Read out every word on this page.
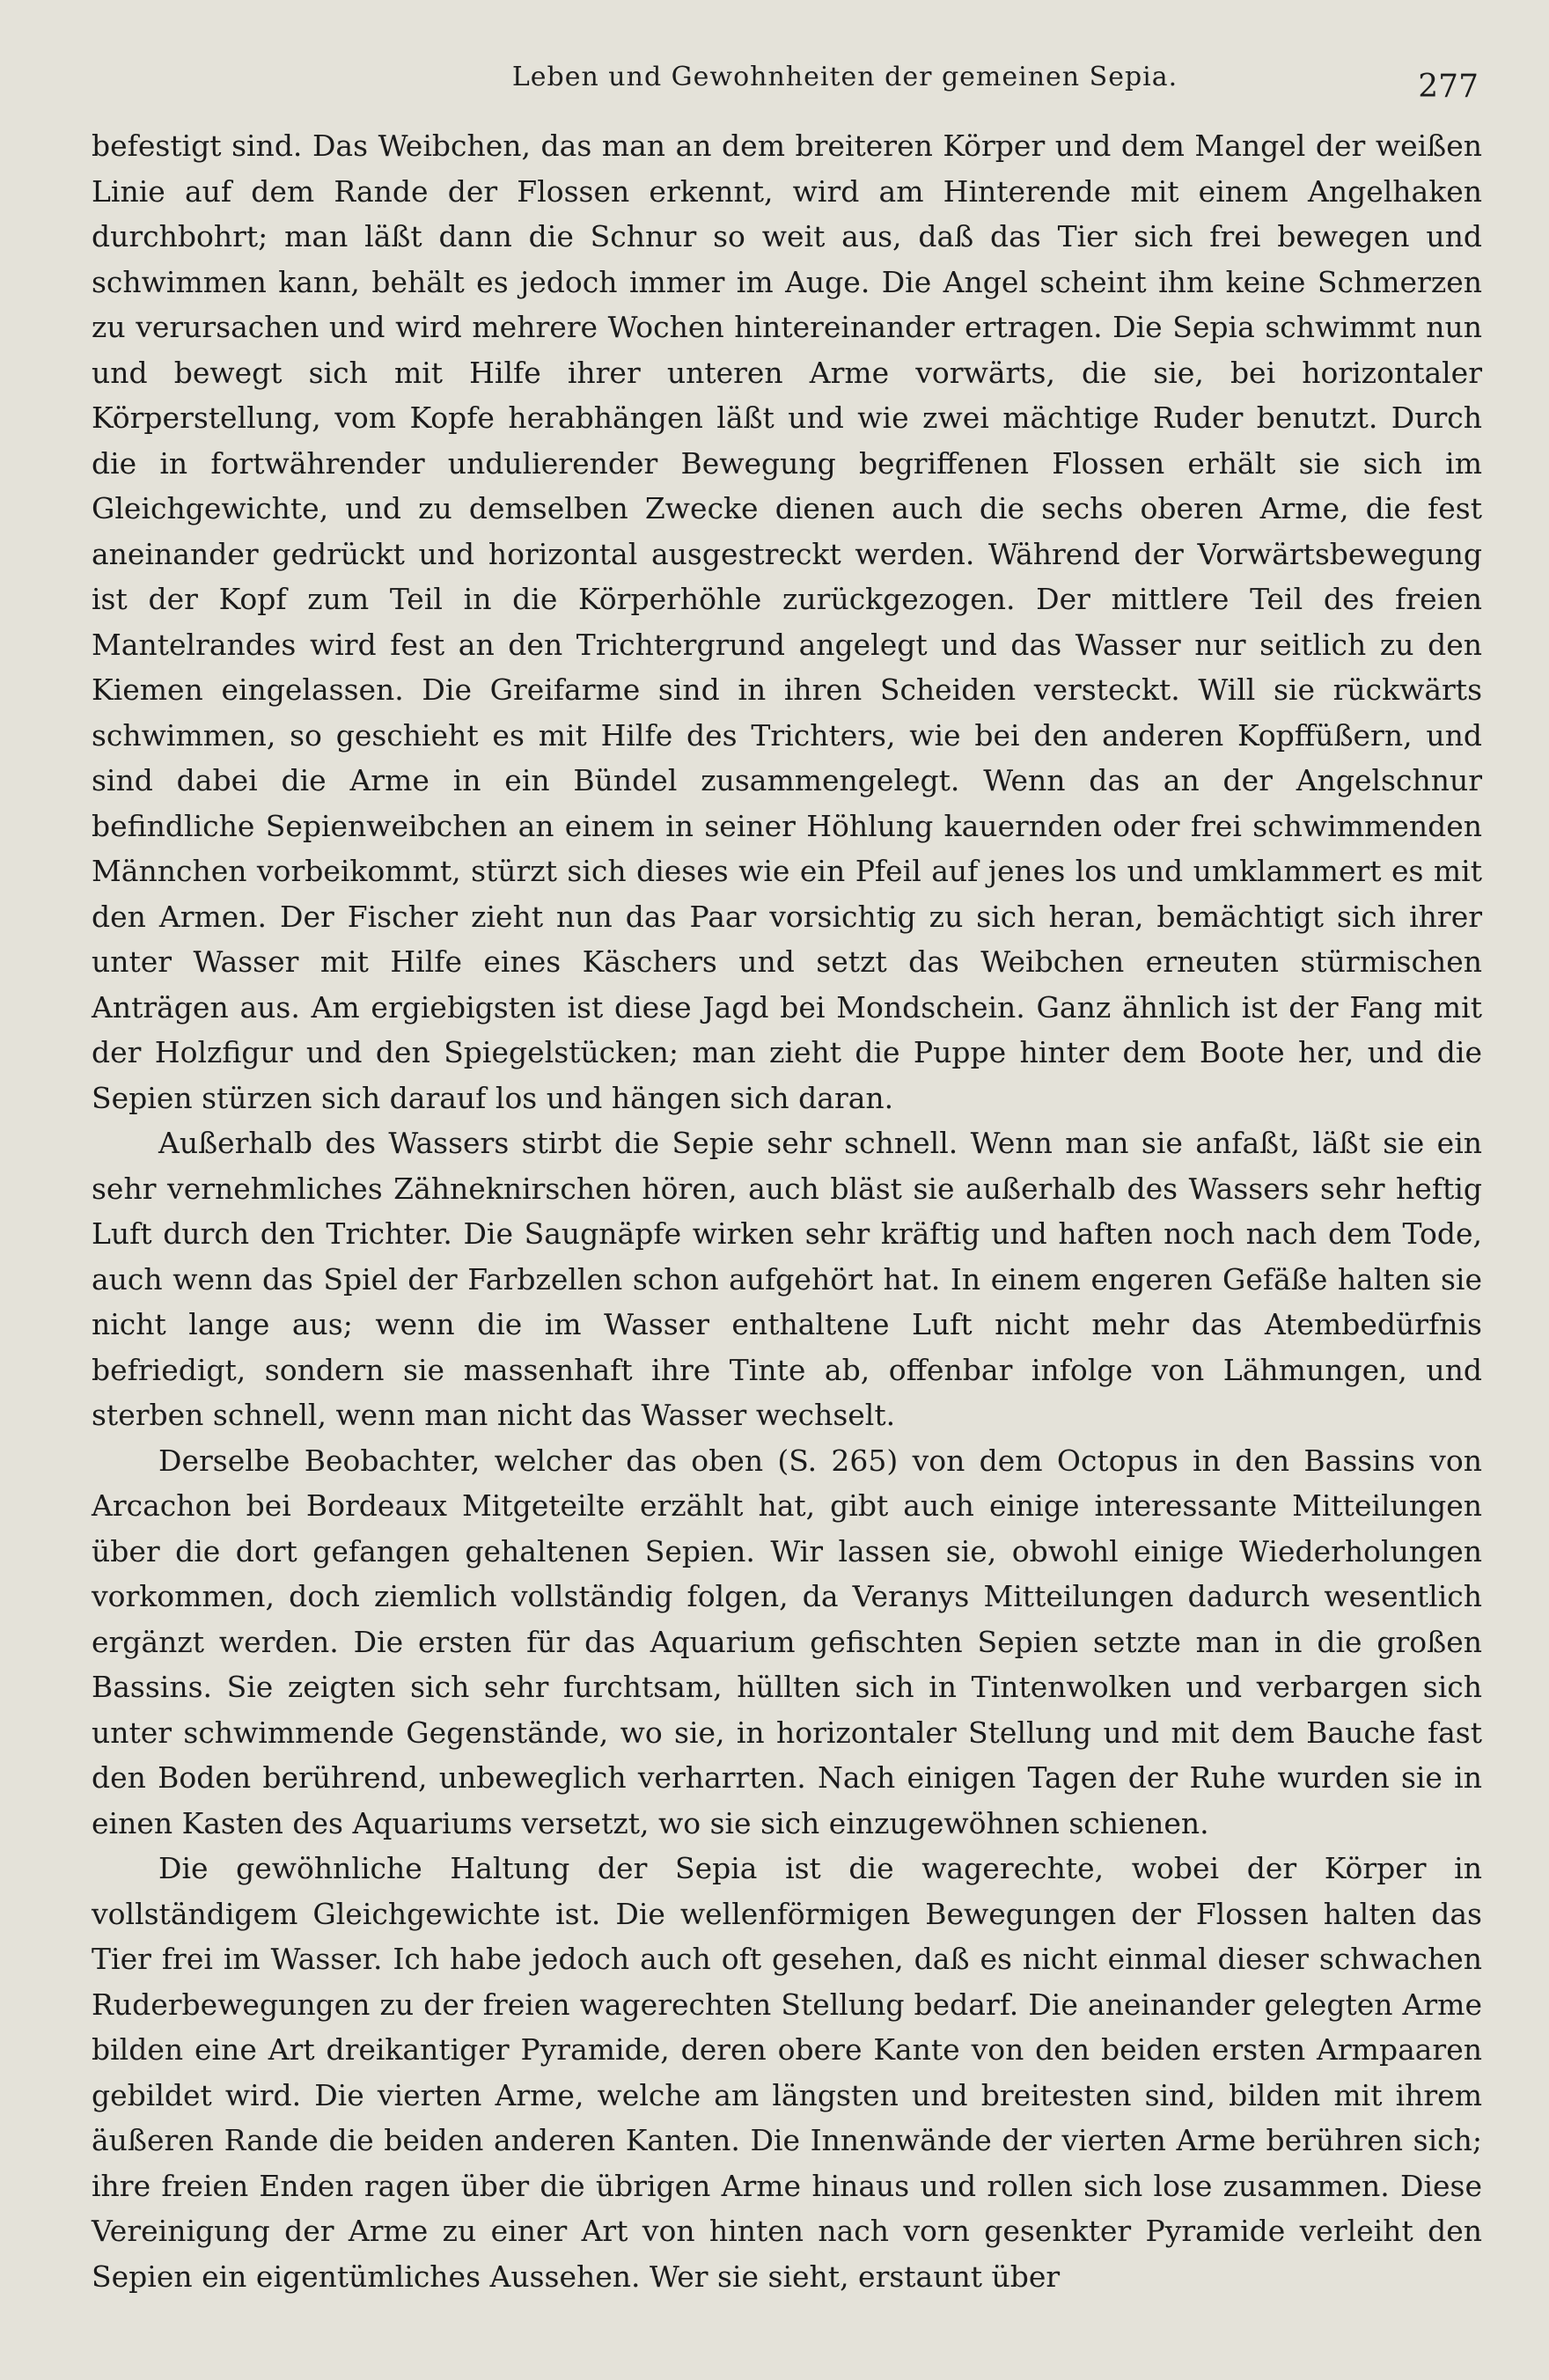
Leben und Gewohnheiten der gemeinen Sepia.	277

befestigt sind. Das Weibchen, das man an dem breiteren Körper und dem Mangel der weißen Linie auf dem Rande der Flossen erkennt, wird am Hinterende mit einem Angelhaken durchbohrt; man läßt dann die Schnur so weit aus, daß das Tier sich frei bewegen und schwimmen kann, behält es jedoch immer im Auge. Die Angel scheint ihm keine Schmerzen zu verursachen und wird mehrere Wochen hintereinander ertragen. Die Sepia schwimmt nun und bewegt sich mit Hilfe ihrer unteren Arme vorwärts, die sie, bei horizontaler Körperstellung, vom Kopfe herabhängen läßt und wie zwei mächtige Ruder benutzt. Durch die in fortwährender undulierender Bewegung begriffenen Flossen erhält sie sich im Gleichgewichte, und zu demselben Zwecke dienen auch die sechs oberen Arme, die fest aneinander gedrückt und horizontal ausgestreckt werden. Während der Vorwärtsbewegung ist der Kopf zum Teil in die Körperhöhle zurückgezogen. Der mittlere Teil des freien Mantelrandes wird fest an den Trichtergrund angelegt und das Wasser nur seitlich zu den Kiemen eingelassen. Die Greifarme sind in ihren Scheiden versteckt. Will sie rückwärts schwimmen, so geschieht es mit Hilfe des Trichters, wie bei den anderen Kopffüßern, und sind dabei die Arme in ein Bündel zusammengelegt. Wenn das an der Angelschnur befindliche Sepienweibchen an einem in seiner Höhlung kauernden oder frei schwimmenden Männchen vorbeikommt, stürzt sich dieses wie ein Pfeil auf jenes los und umklammert es mit den Armen. Der Fischer zieht nun das Paar vorsichtig zu sich heran, bemächtigt sich ihrer unter Wasser mit Hilfe eines Käschers und setzt das Weibchen erneuten stürmischen Anträgen aus. Am ergiebigsten ist diese Jagd bei Mondschein. Ganz ähnlich ist der Fang mit der Holzfigur und den Spiegelstücken; man zieht die Puppe hinter dem Boote her, und die Sepien stürzen sich darauf los und hängen sich daran.

Außerhalb des Wassers stirbt die Sepie sehr schnell. Wenn man sie anfaßt, läßt sie ein sehr vernehmliches Zähneknirschen hören, auch bläst sie außerhalb des Wassers sehr heftig Luft durch den Trichter. Die Saugnäpfe wirken sehr kräftig und haften noch nach dem Tode, auch wenn das Spiel der Farbzellen schon aufgehört hat. In einem engeren Gefäße halten sie nicht lange aus; wenn die im Wasser enthaltene Luft nicht mehr das Atembedürfnis befriedigt, sondern sie massenhaft ihre Tinte ab, offenbar infolge von Lähmungen, und sterben schnell, wenn man nicht das Wasser wechselt.

Derselbe Beobachter, welcher das oben (S. 265) von dem Octopus in den Bassins von Arcachon bei Bordeaux Mitgeteilte erzählt hat, gibt auch einige interessante Mitteilungen über die dort gefangen gehaltenen Sepien. Wir lassen sie, obwohl einige Wiederholungen vorkommen, doch ziemlich vollständig folgen, da Veranys Mitteilungen dadurch wesentlich ergänzt werden. Die ersten für das Aquarium gefischten Sepien setzte man in die großen Bassins. Sie zeigten sich sehr furchtsam, hüllten sich in Tintenwolken und verbargen sich unter schwimmende Gegenstände, wo sie, in horizontaler Stellung und mit dem Bauche fast den Boden berührend, unbeweglich verharrten. Nach einigen Tagen der Ruhe wurden sie in einen Kasten des Aquariums versetzt, wo sie sich einzugewöhnen schienen.

Die gewöhnliche Haltung der Sepia ist die wagerechte, wobei der Körper in vollständigem Gleichgewichte ist. Die wellenförmigen Bewegungen der Flossen halten das Tier frei im Wasser. Ich habe jedoch auch oft gesehen, daß es nicht einmal dieser schwachen Ruderbewegungen zu der freien wagerechten Stellung bedarf. Die aneinander gelegten Arme bilden eine Art dreikantiger Pyramide, deren obere Kante von den beiden ersten Armpaaren gebildet wird. Die vierten Arme, welche am längsten und breitesten sind, bilden mit ihrem äußeren Rande die beiden anderen Kanten. Die Innenwände der vierten Arme berühren sich; ihre freien Enden ragen über die übrigen Arme hinaus und rollen sich lose zusammen. Diese Vereinigung der Arme zu einer Art von hinten nach vorn gesenkter Pyramide verleiht den Sepien ein eigentümliches Aussehen. Wer sie sieht, erstaunt über
